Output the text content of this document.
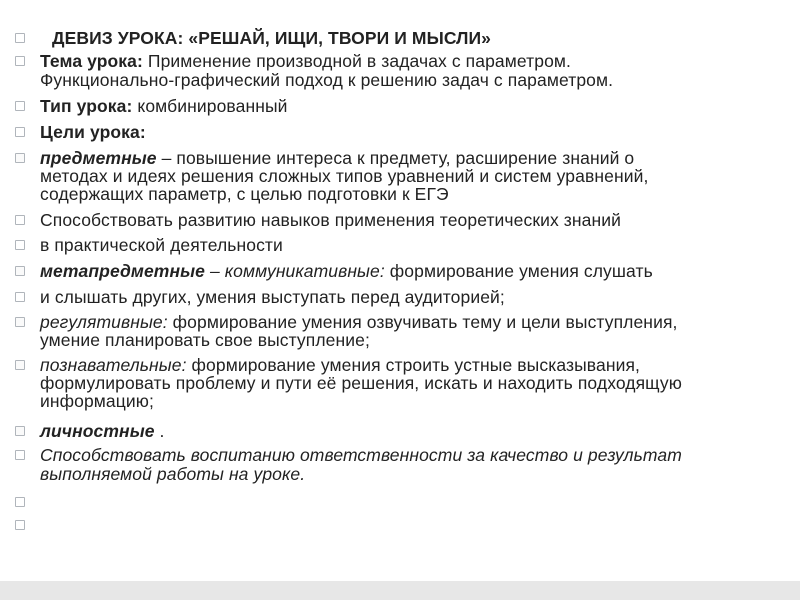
ДЕВИЗ УРОКА: «РЕШАЙ, ИЩИ, ТВОРИ И МЫСЛИ»
Тема урока: Применение производной в задачах с параметром.
Функционально-графический подход к решению задач с параметром.
Тип урока: комбинированный
Цели урока:
предметные – повышение интереса к предмету, расширение знаний о
методах и идеях решения сложных типов уравнений и систем уравнений,
содержащих параметр, с целью подготовки к ЕГЭ
Способствовать развитию навыков применения теоретических знаний
в практической деятельности
метапредметные – коммуникативные: формирование умения слушать
и слышать других, умения выступать перед аудиторией;
регулятивные: формирование умения озвучивать тему и цели выступления,
умение планировать свое выступление;
познавательные: формирование умения строить устные высказывания,
формулировать проблему и пути её решения, искать и находить подходящую
информацию;
личностные .
Способствовать воспитанию ответственности за качество и результат
выполняемой работы на уроке.
